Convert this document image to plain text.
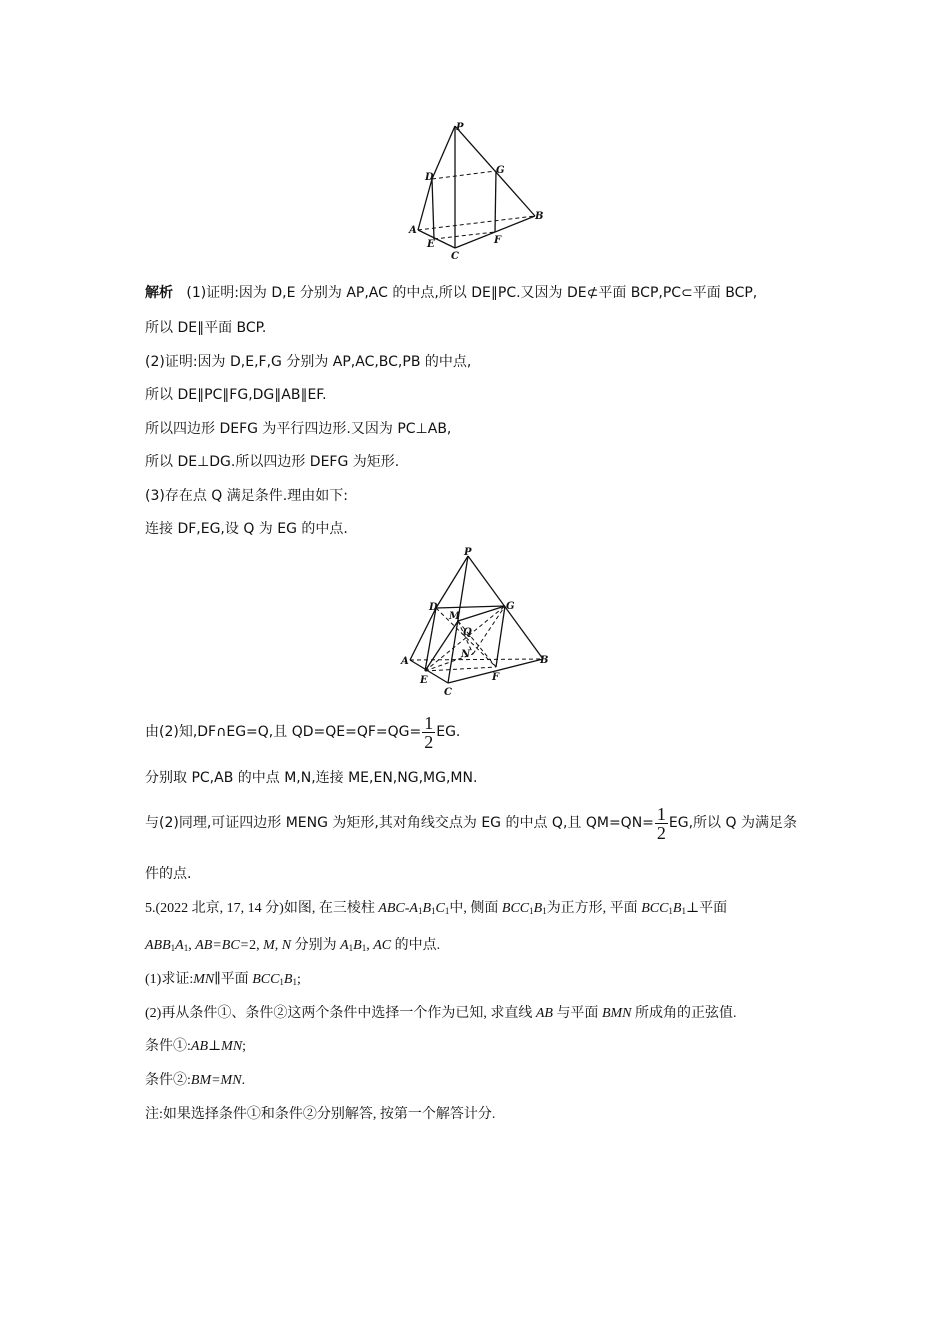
P
D
G
B
A
E	F
C
解析 (1)证明:因为 D,E 分别为 AP,AC 的中点,所以 DE∥PC.又因为 DE⊄平面 BCP,PC⊂平面 BCP,
所以 DE∥平面 BCP.
(2)证明:因为 D,E,F,G 分别为 AP,AC,BC,PB 的中点,
所以 DE∥PC∥FG,DG∥AB∥EF.
所以四边形 DEFG 为平行四边形.又因为 PC⊥AB,
所以 DE⊥DG.所以四边形 DEFG 为矩形.
(3)存在点 Q 满足条件.理由如下:
连接 DF,EG,设 Q 为 EG 的中点.
P
D	G
M
Q
N
A	B
E	F
C
由(2)知,DF∩EG=Q,且 $QD=QE=QF=QG= \frac{1}{2}$ EG.
分别取 PC,AB 的中点 M,N,连接 ME,EN,NG,MG,MN.
与(2)同理,可证四边形 MENG 为矩形,其对角线交点为 EG 的中点 Q,且 $QM=QN= \frac{1}{2}$ EG,所以 Q 为满足条
件的点.
5.(2022 北京, 17, 14 分)如图, 在三棱柱 ABC-$A_1B_1C_1$中, 侧面 $BCC_1B_1$为正方形, 平面 $BCC_1B_1\perp$平面
$ABB_1A_1$, AB=BC=2, M, N 分别为 $A_1B_1$, AC 的中点.
(1)求证:MN∥平面 $BCC_1B_1$;
(2)再从条件①、条件②这两个条件中选择一个作为已知, 求直线 AB 与平面 BMN 所成角的正弦值.
条件①:AB⊥MN;
条件②:BM=MN.
注:如果选择条件①和条件②分别解答, 按第一个解答计分.
